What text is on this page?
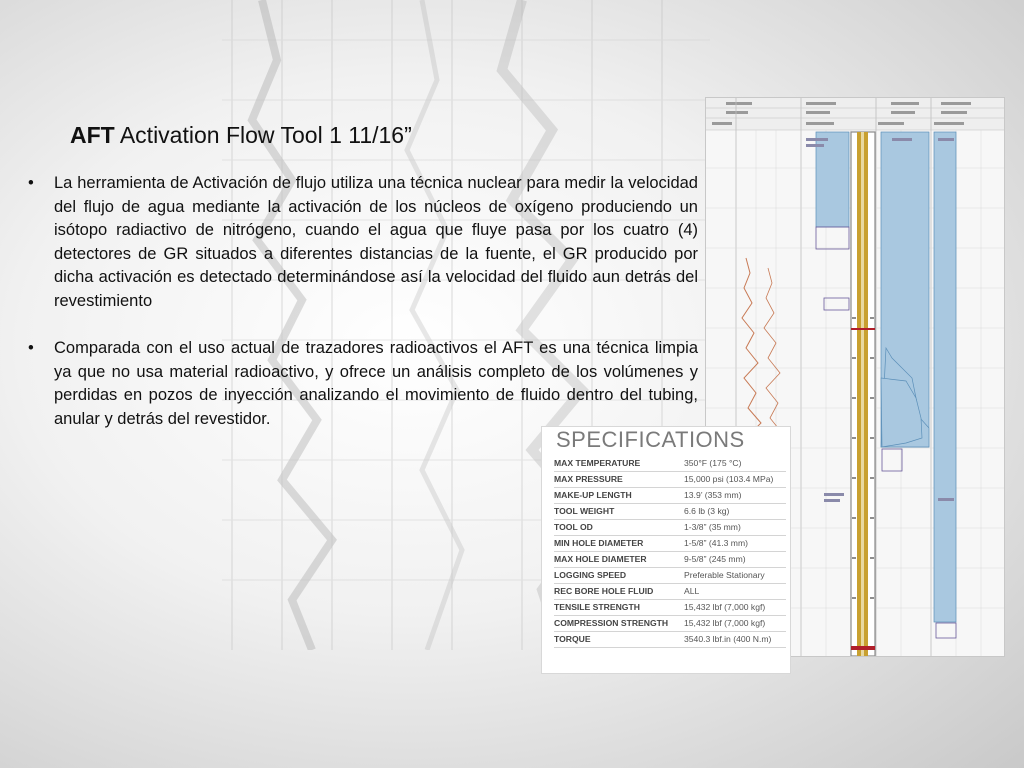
AFT Activation Flow Tool 1 11/16”
• La herramienta de Activación de flujo utiliza una técnica nuclear para medir la velocidad del flujo de agua mediante la activación de los núcleos de oxígeno produciendo un isótopo radiactivo de nitrógeno, cuando el agua que fluye pasa por los cuatro (4) detectores de GR situados a diferentes distancias de la fuente, el GR producido por dicha activación es detectado determinándose así la velocidad del fluido aun detrás del revestimiento
• Comparada con el uso actual de trazadores radioactivos el AFT es una técnica limpia ya que no usa material radioactivo, y ofrece un análisis completo de los volúmenes y perdidas en pozos de inyección analizando el movimiento de fluido dentro del tubing, anular y detrás del revestidor.
SPECIFICATIONS
MAX TEMPERATURE	350°F (175 °C)
MAX PRESSURE	15,000 psi (103.4 MPa)
MAKE-UP LENGTH	13.9’ (353 mm)
TOOL WEIGHT	6.6 lb (3 kg)
TOOL OD	1-3/8” (35 mm)
MIN HOLE DIAMETER	1-5/8” (41.3 mm)
MAX HOLE DIAMETER	9-5/8” (245 mm)
LOGGING SPEED	Preferable Stationary
REC BORE HOLE FLUID	ALL
TENSILE STRENGTH	15,432 lbf (7,000 kgf)
COMPRESSION STRENGTH	15,432 lbf (7,000 kgf)
TORQUE	3540.3 lbf.in (400 N.m)
